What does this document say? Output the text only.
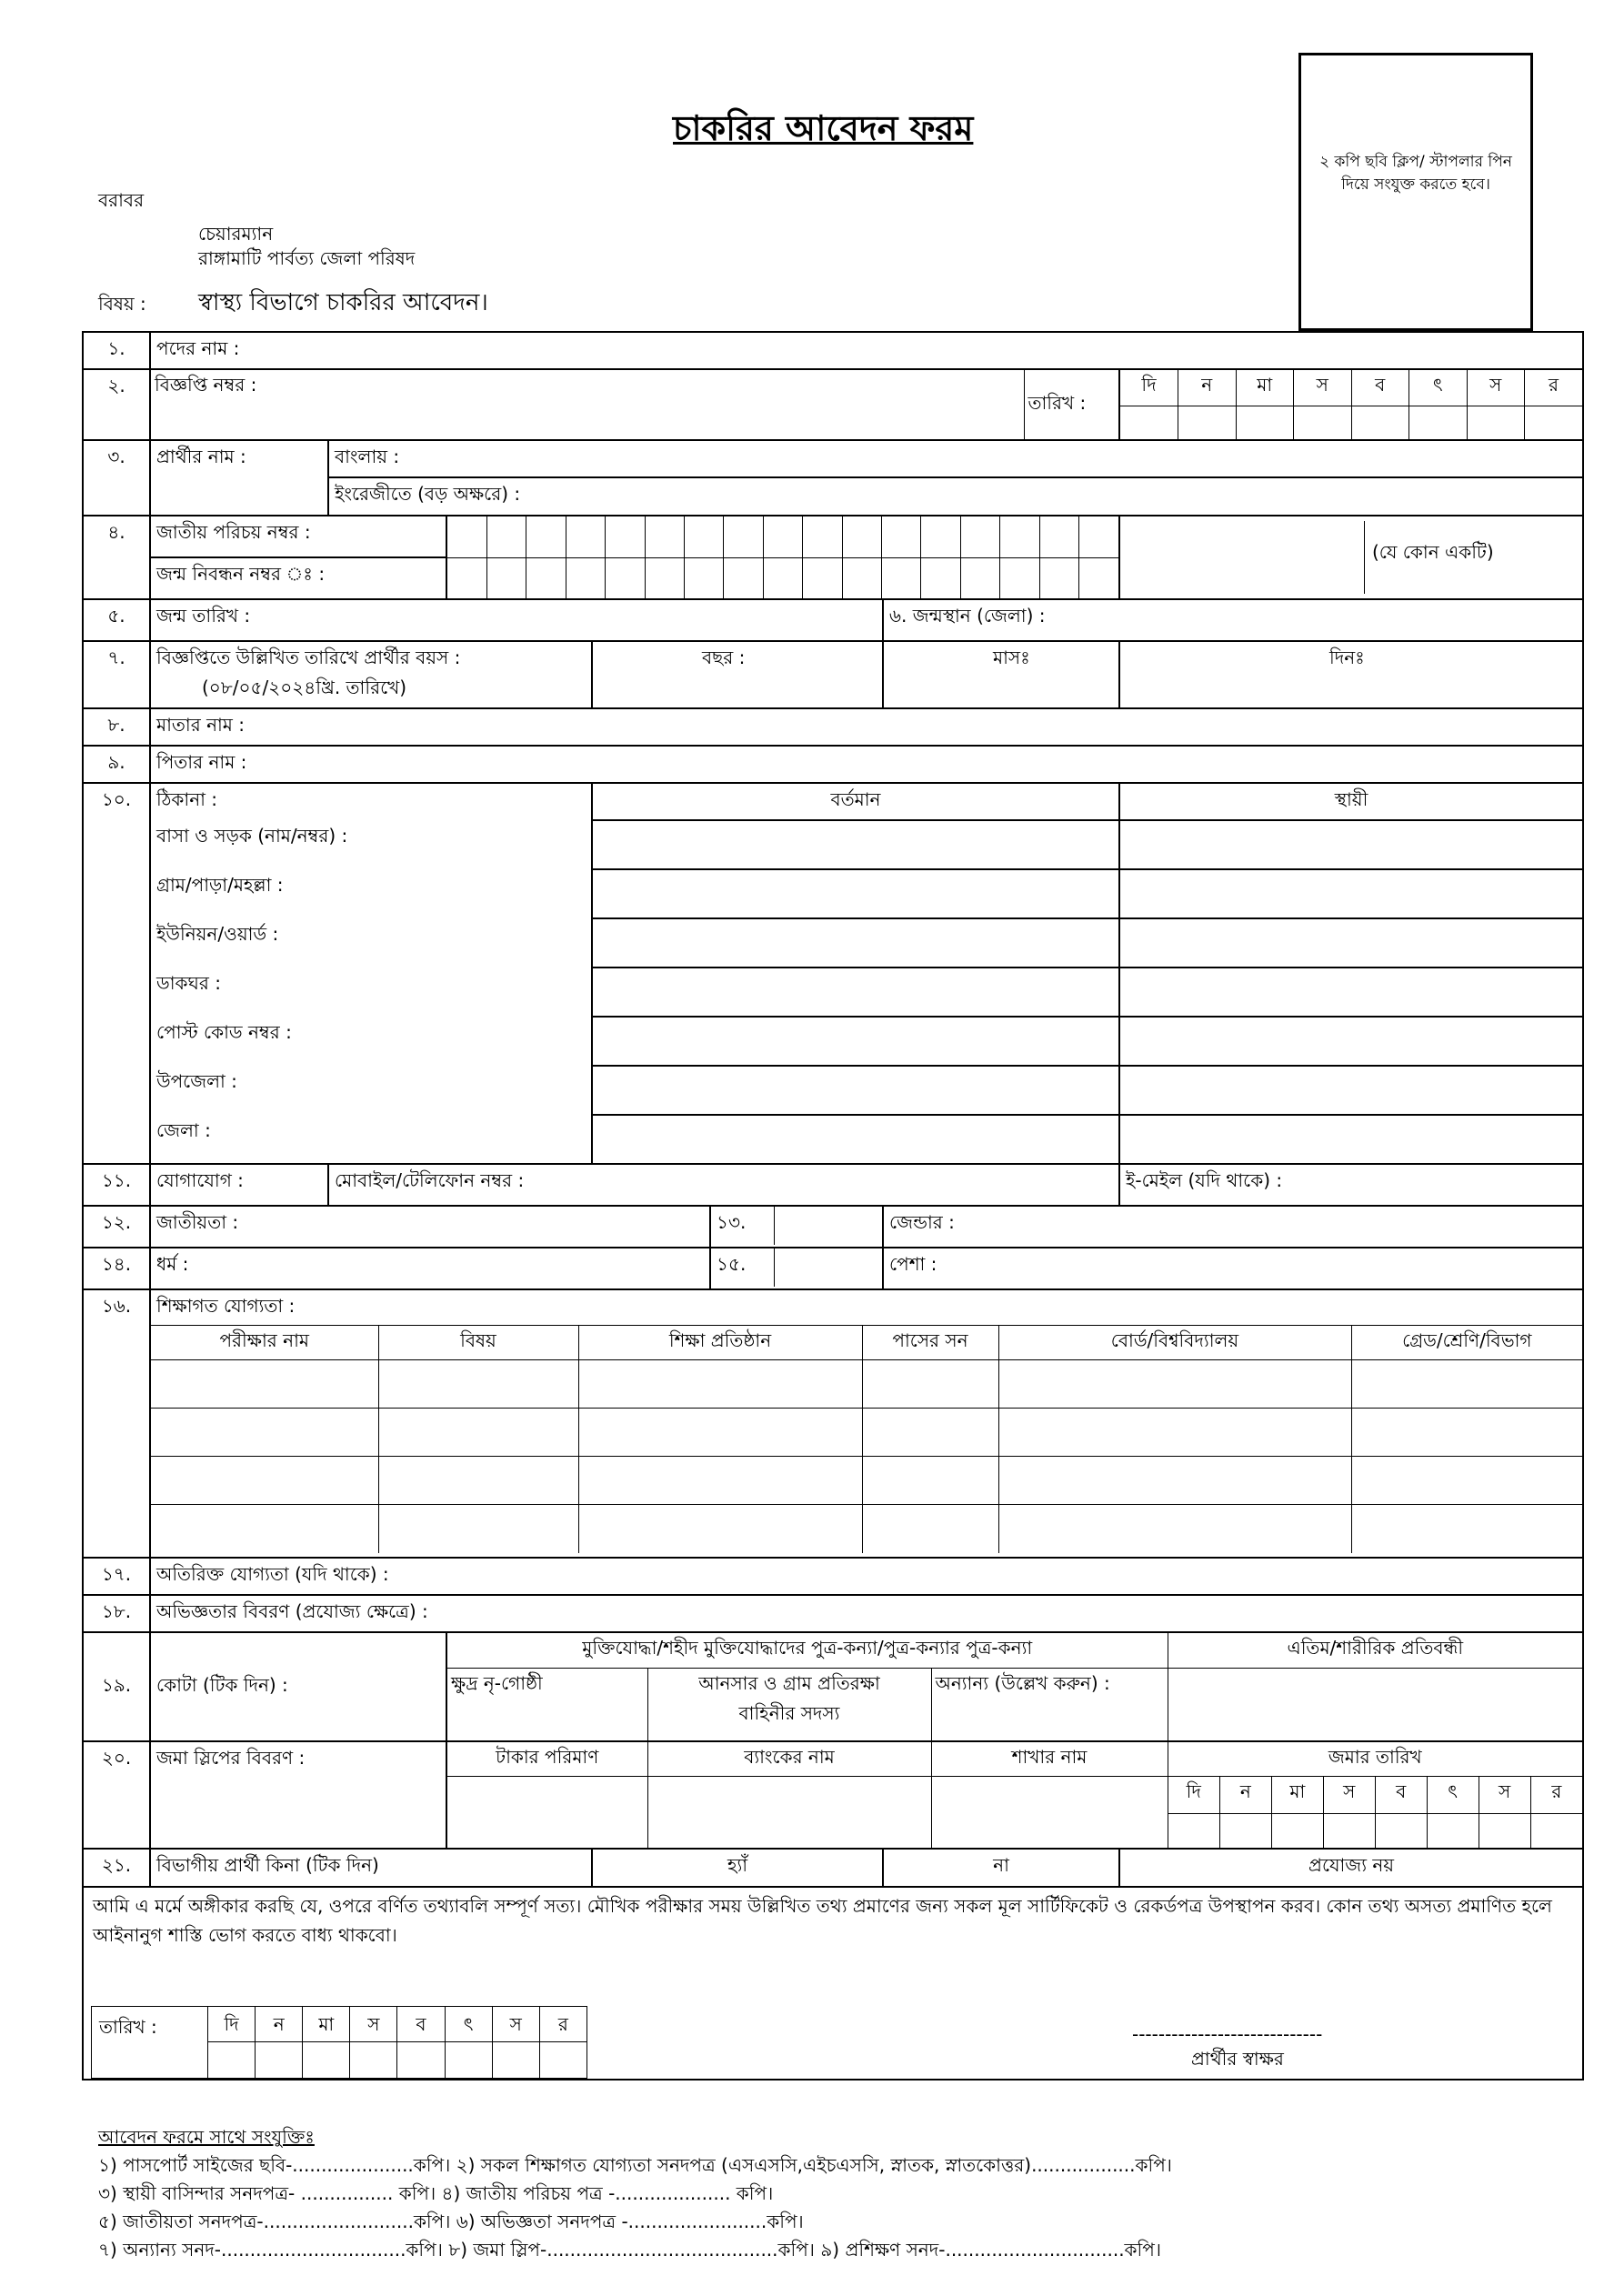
চাকরির আবেদন ফরম
২ কপি ছবি ক্লিপ/ স্টাপলার পিন দিয়ে সংযুক্ত করতে হবে।
বরাবর
চেয়ারম্যান
রাঙ্গামাটি পার্বত্য জেলা পরিষদ
বিষয় : স্বাস্থ্য বিভাগে চাকরির আবেদন।
১.	পদের নাম :
২.	বিজ্ঞপ্তি নম্বর :	তারিখ :

দি	ন	মা	স	ব	ৎ	স	র

৩.	প্রার্থীর নাম :	বাংলায় :
ইংরেজীতে (বড় অক্ষরে) :
৪.	জাতীয় পরিচয় নম্বর :	

	(যে কোন একটি)
জন্ম নিবন্ধন নম্বর ঃ :
৫.	জন্ম তারিখ :	৬. জন্মস্থান (জেলা) :
৭.	বিজ্ঞপ্তিতে উল্লিখিত তারিখে প্রার্থীর বয়স :
(০৮/০৫/২০২৪খ্রি. তারিখে)
	বছর :	মাসঃ	দিনঃ
৮.	মাতার নাম :
৯.	পিতার নাম :
১০.	ঠিকানা :	বর্তমান	স্থায়ী
বাসা ও সড়ক (নাম/নম্বর) :		
গ্রাম/পাড়া/মহল্লা :		
ইউনিয়ন/ওয়ার্ড :		
ডাকঘর :		
পোস্ট কোড নম্বর :		
উপজেলা :		
জেলা :		
১১.	যোগাযোগ :	মোবাইল/টেলিফোন নম্বর :	ই-মেইল (যদি থাকে) :
১২.	জাতীয়তা :	১৩.	জেন্ডার :
১৪.	ধর্ম :	১৫.	পেশা :
১৬.	শিক্ষাগত যোগ্যতা :
পরীক্ষার নাম	বিষয়	শিক্ষা প্রতিষ্ঠান	পাসের সন	বোর্ড/বিশ্ববিদ্যালয়	গ্রেড/শ্রেণি/বিভাগ

১৭.	অতিরিক্ত যোগ্যতা (যদি থাকে) :
১৮.	অভিজ্ঞতার বিবরণ (প্রযোজ্য ক্ষেত্রে) :
১৯.	কোটা (টিক দিন) :	
মুক্তিযোদ্ধা/শহীদ মুক্তিযোদ্ধাদের পুত্র-কন্যা/পুত্র-কন্যার পুত্র-কন্যা	এতিম/শারীরিক প্রতিবন্ধী
ক্ষুদ্র নৃ-গোষ্ঠী	আনসার ও গ্রাম প্রতিরক্ষা বাহিনীর সদস্য	অন্যান্য (উল্লেখ করুন) :	

২০.	জমা স্লিপের বিবরণ :		টাকার পরিমাণ	ব্যাংকের নাম	শাখার নাম	জমার তারিখ

দি	ন	মা	স	ব	ৎ	স	র

২১.	বিভাগীয় প্রার্থী কিনা (টিক দিন)	হ্যাঁ	না	প্রযোজ্য নয়

আমি এ মর্মে অঙ্গীকার করছি যে, ওপরে বর্ণিত তথ্যাবলি সম্পূর্ণ সত্য। মৌখিক পরীক্ষার সময় উল্লিখিত তথ্য প্রমাণের জন্য সকল মূল সার্টিফিকেট ও রেকর্ডপত্র উপস্থাপন করব। কোন তথ্য অসত্য প্রমাণিত হলে আইনানুগ শাস্তি ভোগ করতে বাধ্য থাকবো।
তারিখ :	দি	ন	মা	স	ব	ৎ	স	র
								-----------------------------
প্রার্থীর স্বাক্ষর
আবেদন ফরমে সাথে সংযুক্তিঃ
১) পাসপোর্ট সাইজের ছবি-.....................কপি। ২) সকল শিক্ষাগত যোগ্যতা সনদপত্র (এসএসসি,এইচএসসি, স্নাতক, স্নাতকোত্তর)..................কপি।
৩) স্থায়ী বাসিন্দার সনদপত্র- ................ কপি। ৪) জাতীয় পরিচয় পত্র -.................... কপি।
৫) জাতীয়তা সনদপত্র-..........................কপি। ৬) অভিজ্ঞতা সনদপত্র -........................কপি।
৭) অন্যান্য সনদ-................................কপি। ৮) জমা স্লিপ-........................................কপি। ৯) প্রশিক্ষণ সনদ-...............................কপি।
